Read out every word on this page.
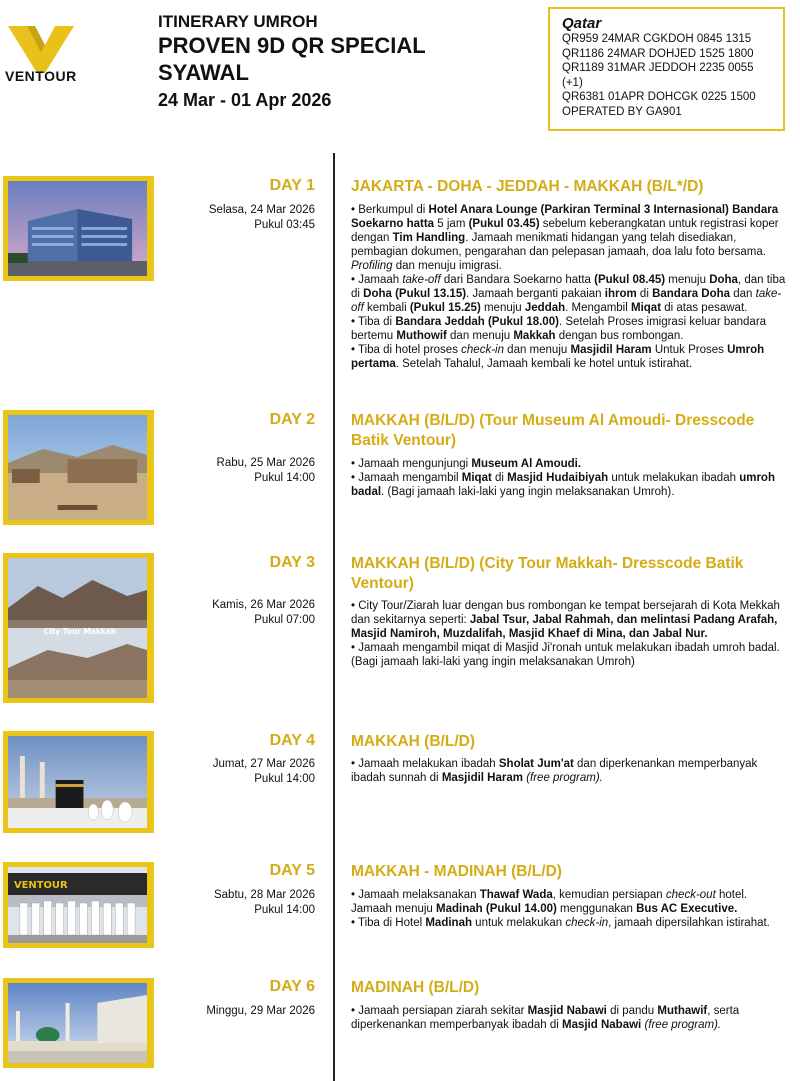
VENTOUR
ITINERARY UMROH
PROVEN 9D QR SPECIAL
SYAWAL
24 Mar - 01 Apr 2026
Qatar
QR959 24MAR CGKDOH 0845 1315
QR1186 24MAR DOHJED 1525 1800
QR1189 31MAR JEDDOH 2235 0055
(+1)
QR6381 01APR DOHCGK 0225 1500
OPERATED BY GA901
DAY 1
Selasa, 24 Mar 2026
Pukul 03:45
JAKARTA - DOHA - JEDDAH - MAKKAH (B/L*/D)

• Berkumpul di Hotel Anara Lounge (Parkiran Terminal 3 Internasional) Bandara Soekarno hatta 5 jam (Pukul 03.45) sebelum keberangkatan untuk registrasi koper dengan Tim Handling. Jamaah menikmati hidangan yang telah disediakan, pembagian dokumen, pengarahan dan pelepasan jamaah, doa lalu foto bersama. Profiling dan menuju imigrasi.

• Jamaah take-off dari Bandara Soekarno hatta (Pukul 08.45) menuju Doha, dan tiba di Doha (Pukul 13.15). Jamaah berganti pakaian ihrom di Bandara Doha dan take-off kembali (Pukul 15.25) menuju Jeddah. Mengambil Miqat di atas pesawat.

• Tiba di Bandara Jeddah (Pukul 18.00). Setelah Proses imigrasi keluar bandara bertemu Muthowif dan menuju Makkah dengan bus rombongan.

• Tiba di hotel proses check-in dan menuju Masjidil Haram Untuk Proses Umroh pertama. Setelah Tahalul, Jamaah kembali ke hotel untuk istirahat.

DAY 2
Rabu, 25 Mar 2026
Pukul 14:00
MAKKAH (B/L/D) (Tour Museum Al Amoudi- Dresscode Batik Ventour)

• Jamaah mengunjungi Museum Al Amoudi.

• Jamaah mengambil Miqat di Masjid Hudaibiyah untuk melakukan ibadah umroh badal. (Bagi jamaah laki-laki yang ingin melaksanakan Umroh).

City Tour Makkah
DAY 3
Kamis, 26 Mar 2026
Pukul 07:00
MAKKAH (B/L/D) (City Tour Makkah- Dresscode Batik Ventour)

• City Tour/Ziarah luar dengan bus rombongan ke tempat bersejarah di Kota Mekkah dan sekitarnya seperti: Jabal Tsur, Jabal Rahmah, dan melintasi Padang Arafah, Masjid Namiroh, Muzdalifah, Masjid Khaef di Mina, dan Jabal Nur.

• Jamaah mengambil miqat di Masjid Ji'ronah untuk melakukan ibadah umroh badal. (Bagi jamaah laki-laki yang ingin melaksanakan Umroh)

DAY 4
Jumat, 27 Mar 2026
Pukul 14:00
MAKKAH (B/L/D)

• Jamaah melakukan ibadah Sholat Jum'at dan diperkenankan memperbanyak ibadah sunnah di Masjidil Haram (free program).

VENTOUR
DAY 5
Sabtu, 28 Mar 2026
Pukul 14:00
MAKKAH - MADINAH (B/L/D)

• Jamaah melaksanakan Thawaf Wada, kemudian persiapan check-out hotel. Jamaah menuju Madinah (Pukul 14.00) menggunakan Bus AC Executive.

• Tiba di Hotel Madinah untuk melakukan check-in, jamaah dipersilahkan istirahat.

DAY 6
Minggu, 29 Mar 2026
MADINAH (B/L/D)

• Jamaah persiapan ziarah sekitar Masjid Nabawi di pandu Muthawif, serta diperkenankan memperbanyak ibadah di Masjid Nabawi (free program).
